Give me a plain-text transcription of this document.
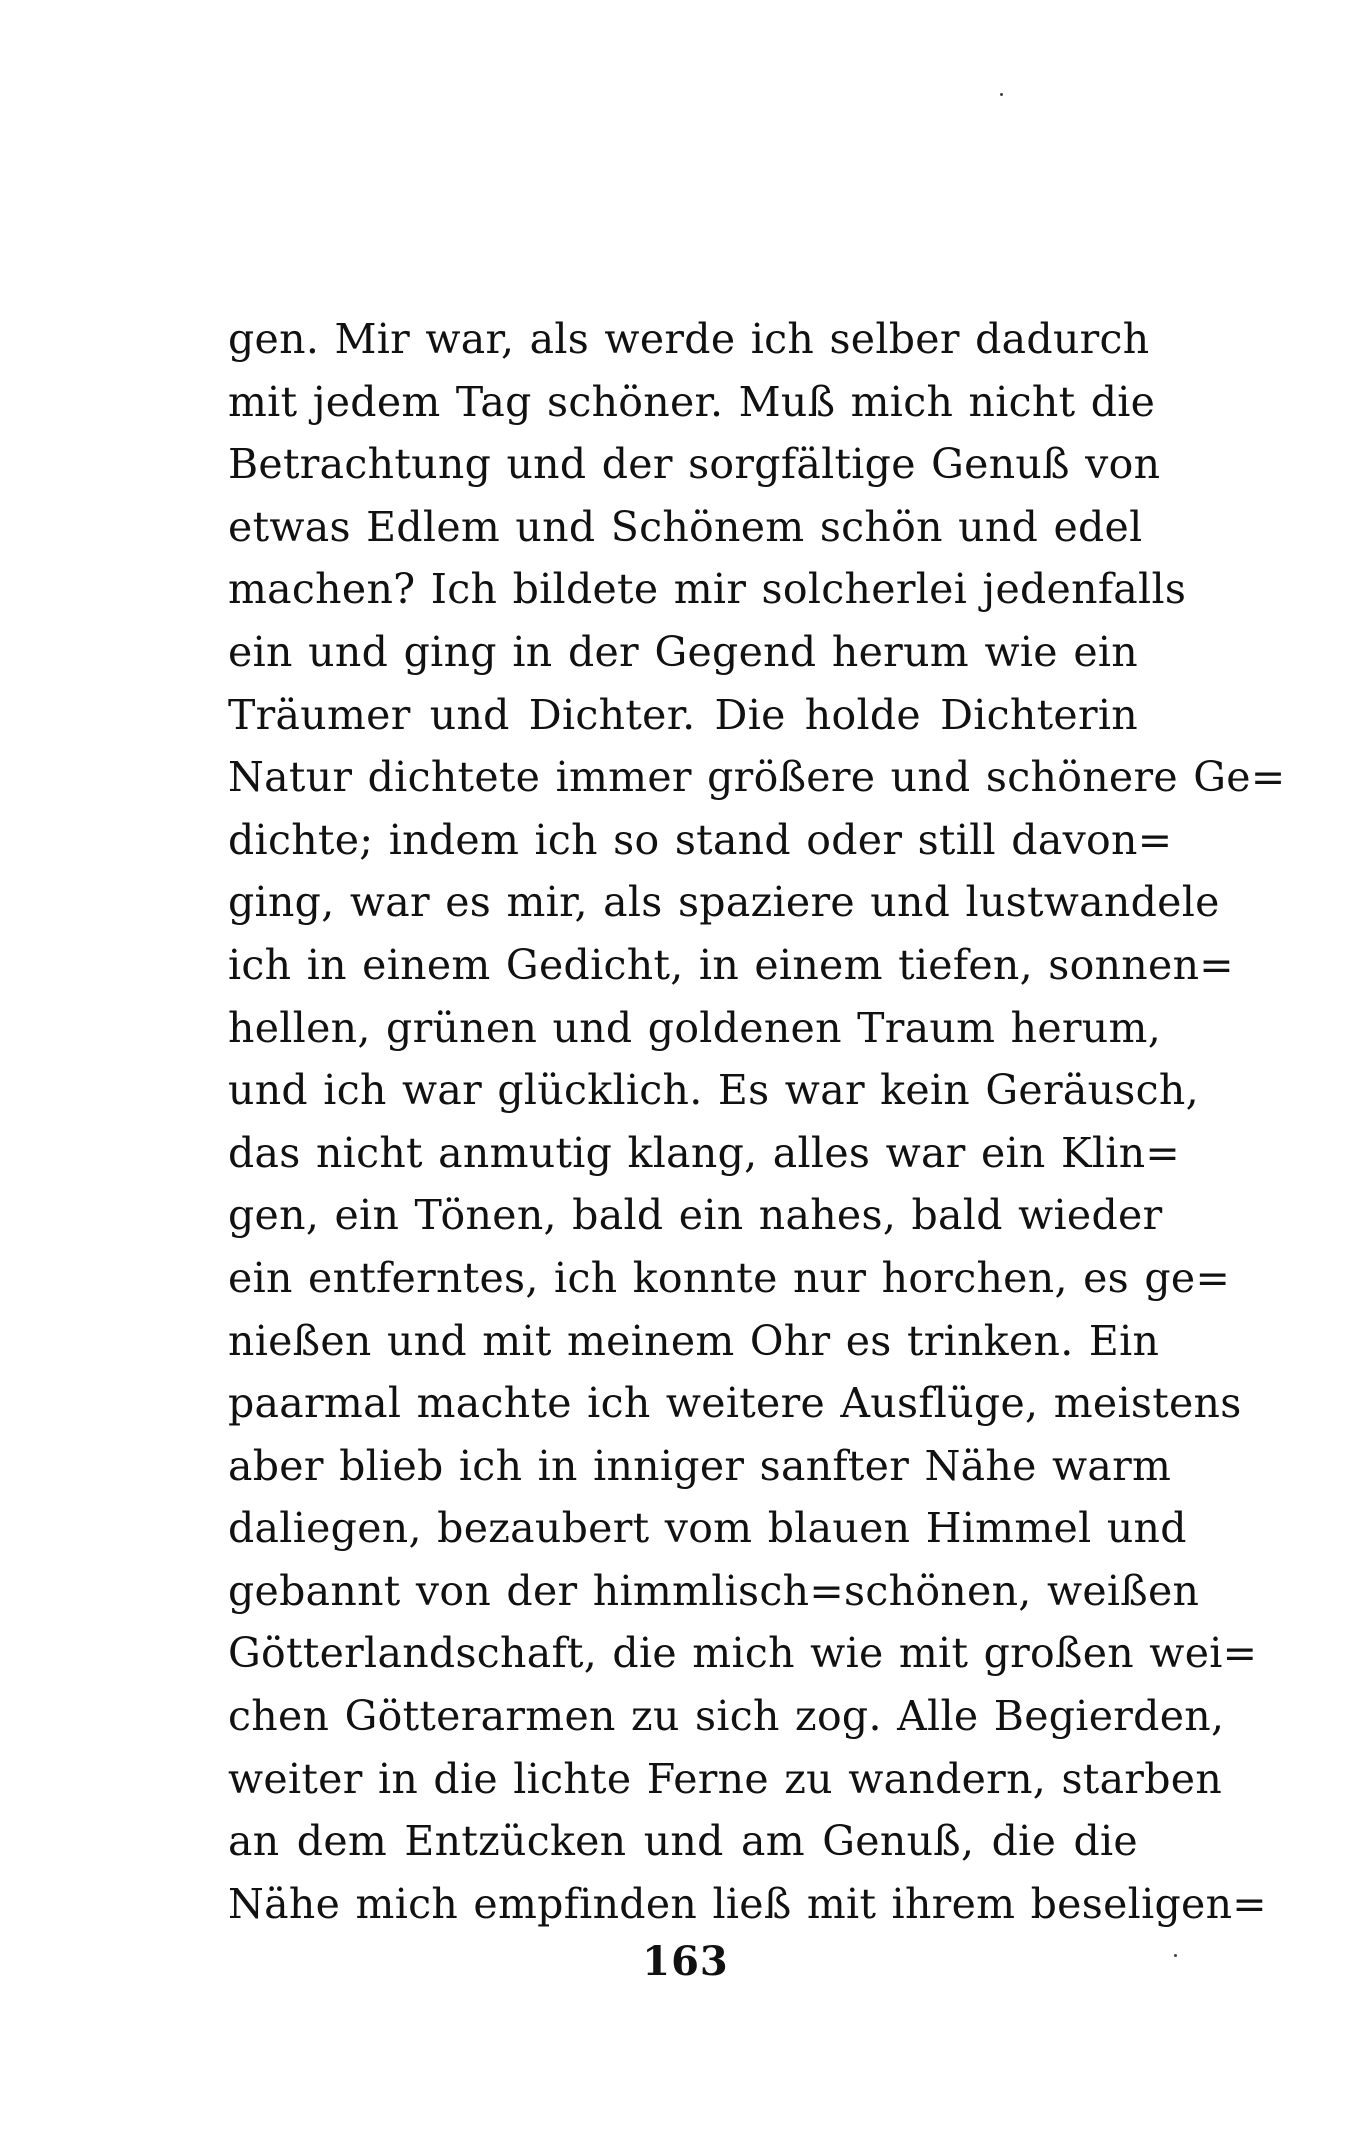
gen. Mir war, als werde ich selber dadurch
mit jedem Tag schöner. Muß mich nicht die
Betrachtung und der sorgfältige Genuß von
etwas Edlem und Schönem schön und edel
machen? Ich bildete mir solcherlei jedenfalls
ein und ging in der Gegend herum wie ein
Träumer und Dichter. Die holde Dichterin
Natur dichtete immer größere und schönere Ge=
dichte; indem ich so stand oder still davon=
ging, war es mir, als spaziere und lustwandele
ich in einem Gedicht, in einem tiefen, sonnen=
hellen, grünen und goldenen Traum herum,
und ich war glücklich. Es war kein Geräusch,
das nicht anmutig klang, alles war ein Klin=
gen, ein Tönen, bald ein nahes, bald wieder
ein entferntes, ich konnte nur horchen, es ge=
nießen und mit meinem Ohr es trinken. Ein
paarmal machte ich weitere Ausflüge, meistens
aber blieb ich in inniger sanfter Nähe warm
daliegen, bezaubert vom blauen Himmel und
gebannt von der himmlisch=schönen, weißen
Götterlandschaft, die mich wie mit großen wei=
chen Götterarmen zu sich zog. Alle Begierden,
weiter in die lichte Ferne zu wandern, starben
an dem Entzücken und am Genuß, die die
Nähe mich empfinden ließ mit ihrem beseligen=
163
